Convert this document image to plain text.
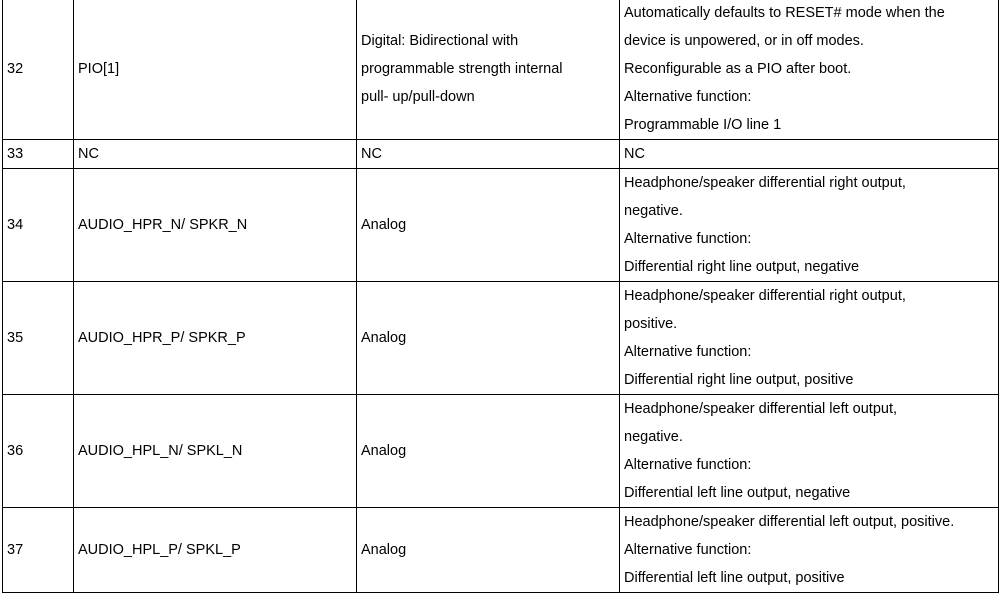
32	PIO[1]	Digital: Bidirectional with
programmable strength internal
pull- up/pull-down	Automatically defaults to RESET# mode when the
device is unpowered, or in off modes.
Reconfigurable as a PIO after boot.
Alternative function:
Programmable I/O line 1

33	NC	NC	NC

34	AUDIO_HPR_N/ SPKR_N	Analog	Headphone/speaker differential right output,
negative.
Alternative function:
Differential right line output, negative

35	AUDIO_HPR_P/ SPKR_P	Analog	Headphone/speaker differential right output,
positive.
Alternative function:
Differential right line output, positive

36	AUDIO_HPL_N/ SPKL_N	Analog	Headphone/speaker differential left output,
negative.
Alternative function:
Differential left line output, negative

37	AUDIO_HPL_P/ SPKL_P	Analog	Headphone/speaker differential left output, positive.
Alternative function:
Differential left line output, positive
